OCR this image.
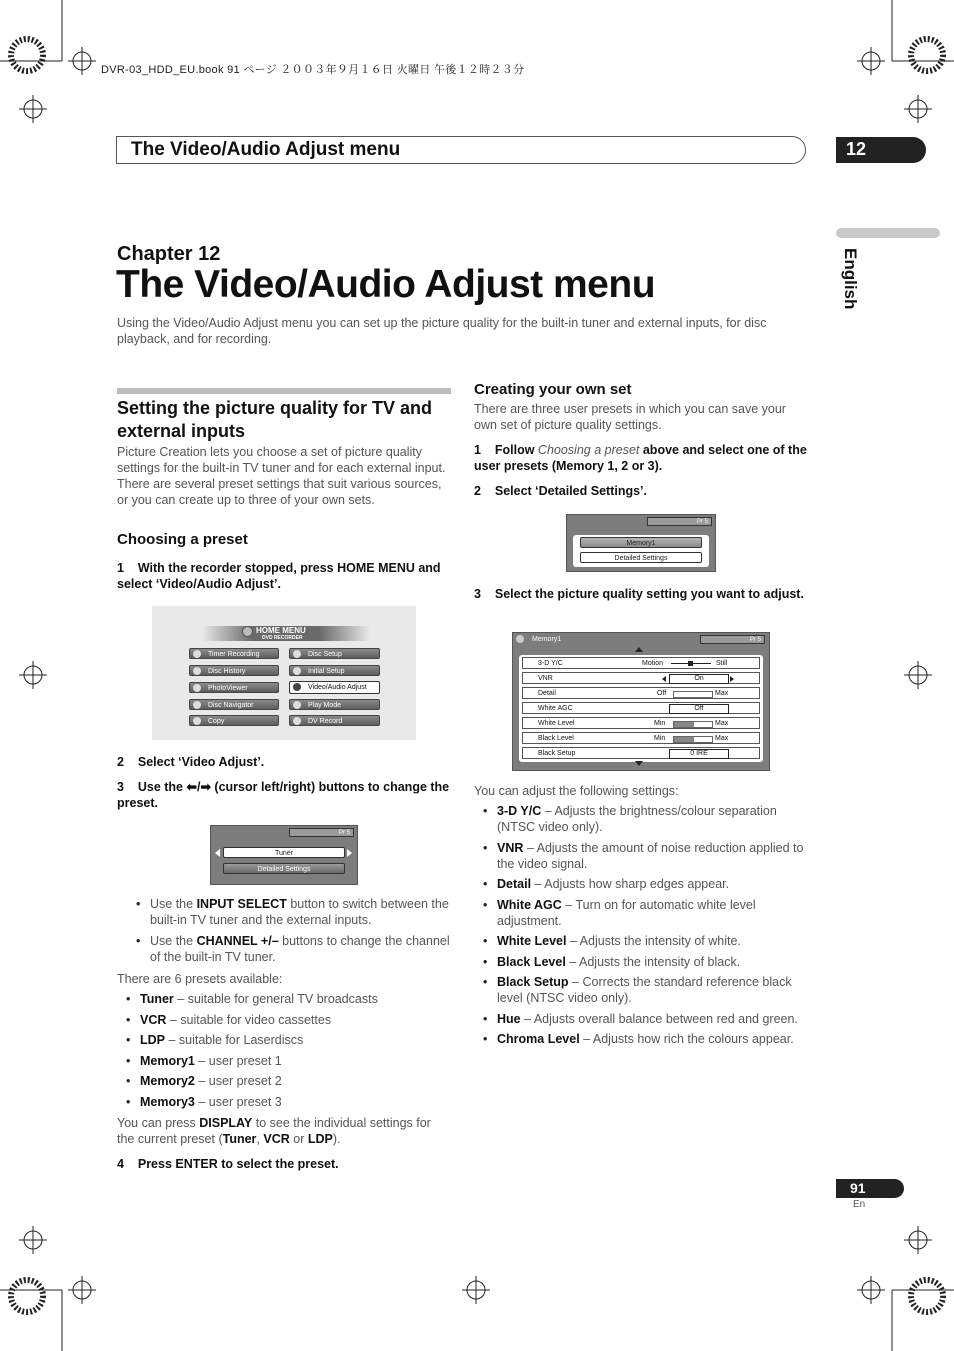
DVR-03_HDD_EU.book 91 ページ ２００３年９月１６日 火曜日 午後１２時２３分
The Video/Audio Adjust menu	12
English
Chapter 12
The Video/Audio Adjust menu
Using the Video/Audio Adjust menu you can set up the picture quality for the built-in tuner and external inputs, for disc playback, and for recording.
Setting the picture quality for TV and external inputs
Picture Creation lets you choose a set of picture quality settings for the built-in TV tuner and for each external input. There are several preset settings that suit various sources, or you can create up to three of your own sets.
Choosing a preset
1 With the recorder stopped, press HOME MENU and select ‘Video/Audio Adjust’.
HOME MENU
DVD RECORDER
Timer Recording
Disc History
PhotoViewer
Disc Navigator
Copy
Disc Setup
Initial Setup
Video/Audio Adjust
Play Mode
DV Record
2 Select ‘Video Adjust’.
3 Use the ⬅/➡ (cursor left/right) buttons to change the preset.
Pr 5
Tuner
Detailed Settings
• Use the INPUT SELECT button to switch between the built-in TV tuner and the external inputs.
• Use the CHANNEL +/– buttons to change the channel of the built-in TV tuner.
There are 6 presets available:
• Tuner – suitable for general TV broadcasts
• VCR – suitable for video cassettes
• LDP – suitable for Laserdiscs
• Memory1 – user preset 1
• Memory2 – user preset 2
• Memory3 – user preset 3
You can press DISPLAY to see the individual settings for the current preset (Tuner, VCR or LDP).
4 Press ENTER to select the preset.
Creating your own set
There are three user presets in which you can save your own set of picture quality settings.
1 Follow Choosing a preset above and select one of the user presets (Memory 1, 2 or 3).
2 Select ‘Detailed Settings’.
Pr 5
Memory1
Detailed Settings
3 Select the picture quality setting you want to adjust.
Memory1	Pr 5
3-D Y/C	Motion	Still
VNR	On
Detail	Off	Max
White AGC	Off
White Level	Min	Max
Black Level	Min	Max
Black Setup	0 IRE
You can adjust the following settings:
• 3-D Y/C – Adjusts the brightness/colour separation (NTSC video only).
• VNR – Adjusts the amount of noise reduction applied to the video signal.
• Detail – Adjusts how sharp edges appear.
• White AGC – Turn on for automatic white level adjustment.
• White Level – Adjusts the intensity of white.
• Black Level – Adjusts the intensity of black.
• Black Setup – Corrects the standard reference black level (NTSC video only).
• Hue – Adjusts overall balance between red and green.
• Chroma Level – Adjusts how rich the colours appear.
91
En
